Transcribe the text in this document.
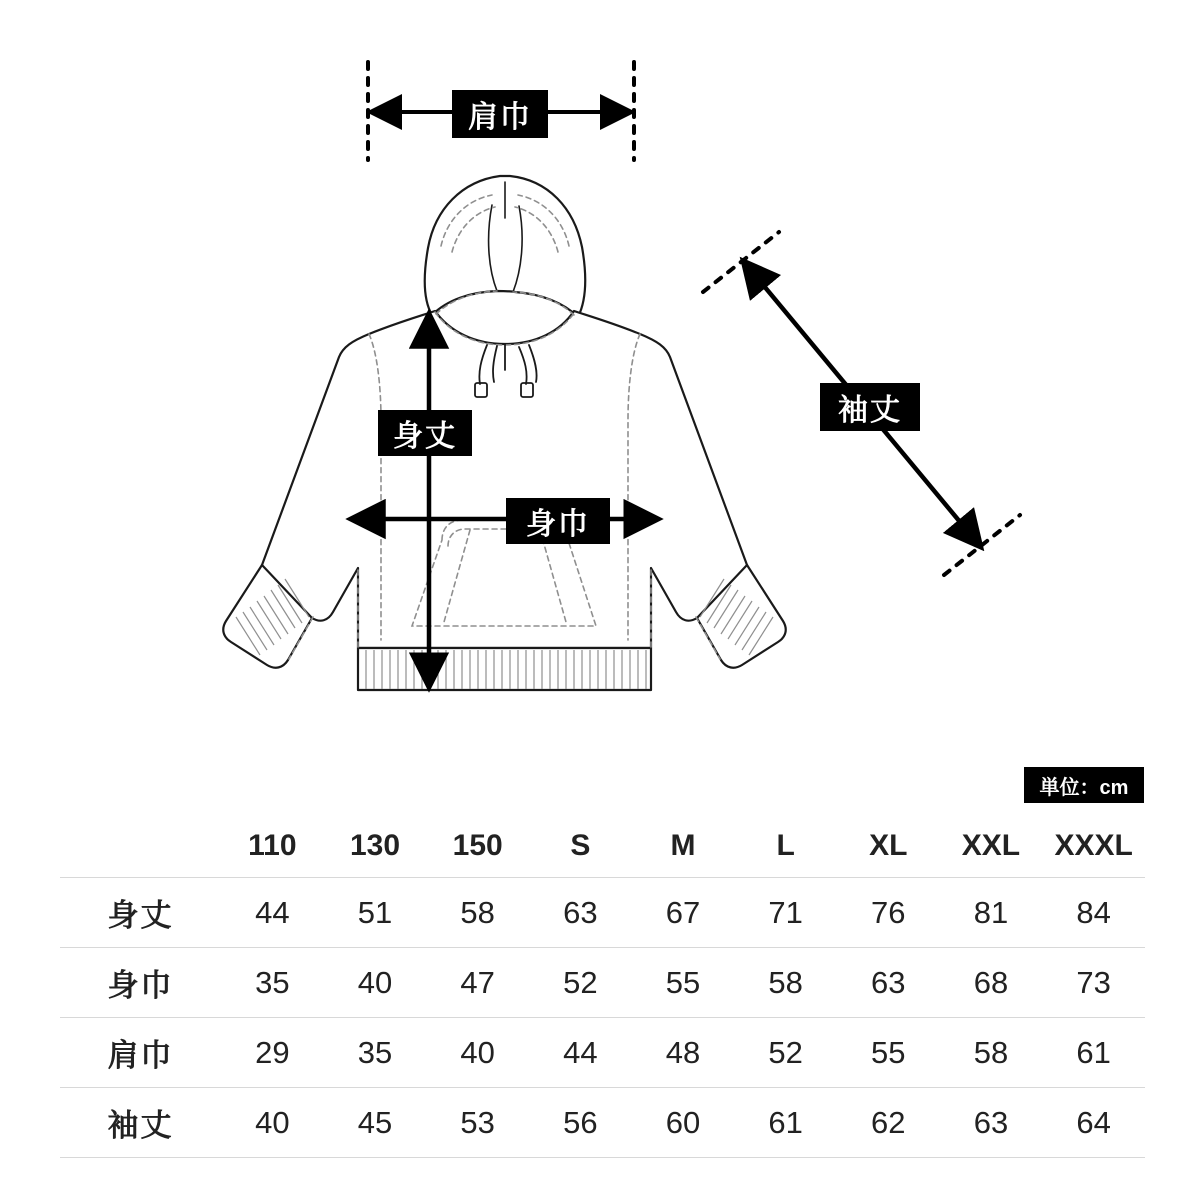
肩巾
身丈
身巾
袖丈
単位：cm
	110	130	150	S	M	L	XL	XXL	XXXL
身丈	44	51	58	63	67	71	76	81	84
身巾	35	40	47	52	55	58	63	68	73
肩巾	29	35	40	44	48	52	55	58	61
袖丈	40	45	53	56	60	61	62	63	64
